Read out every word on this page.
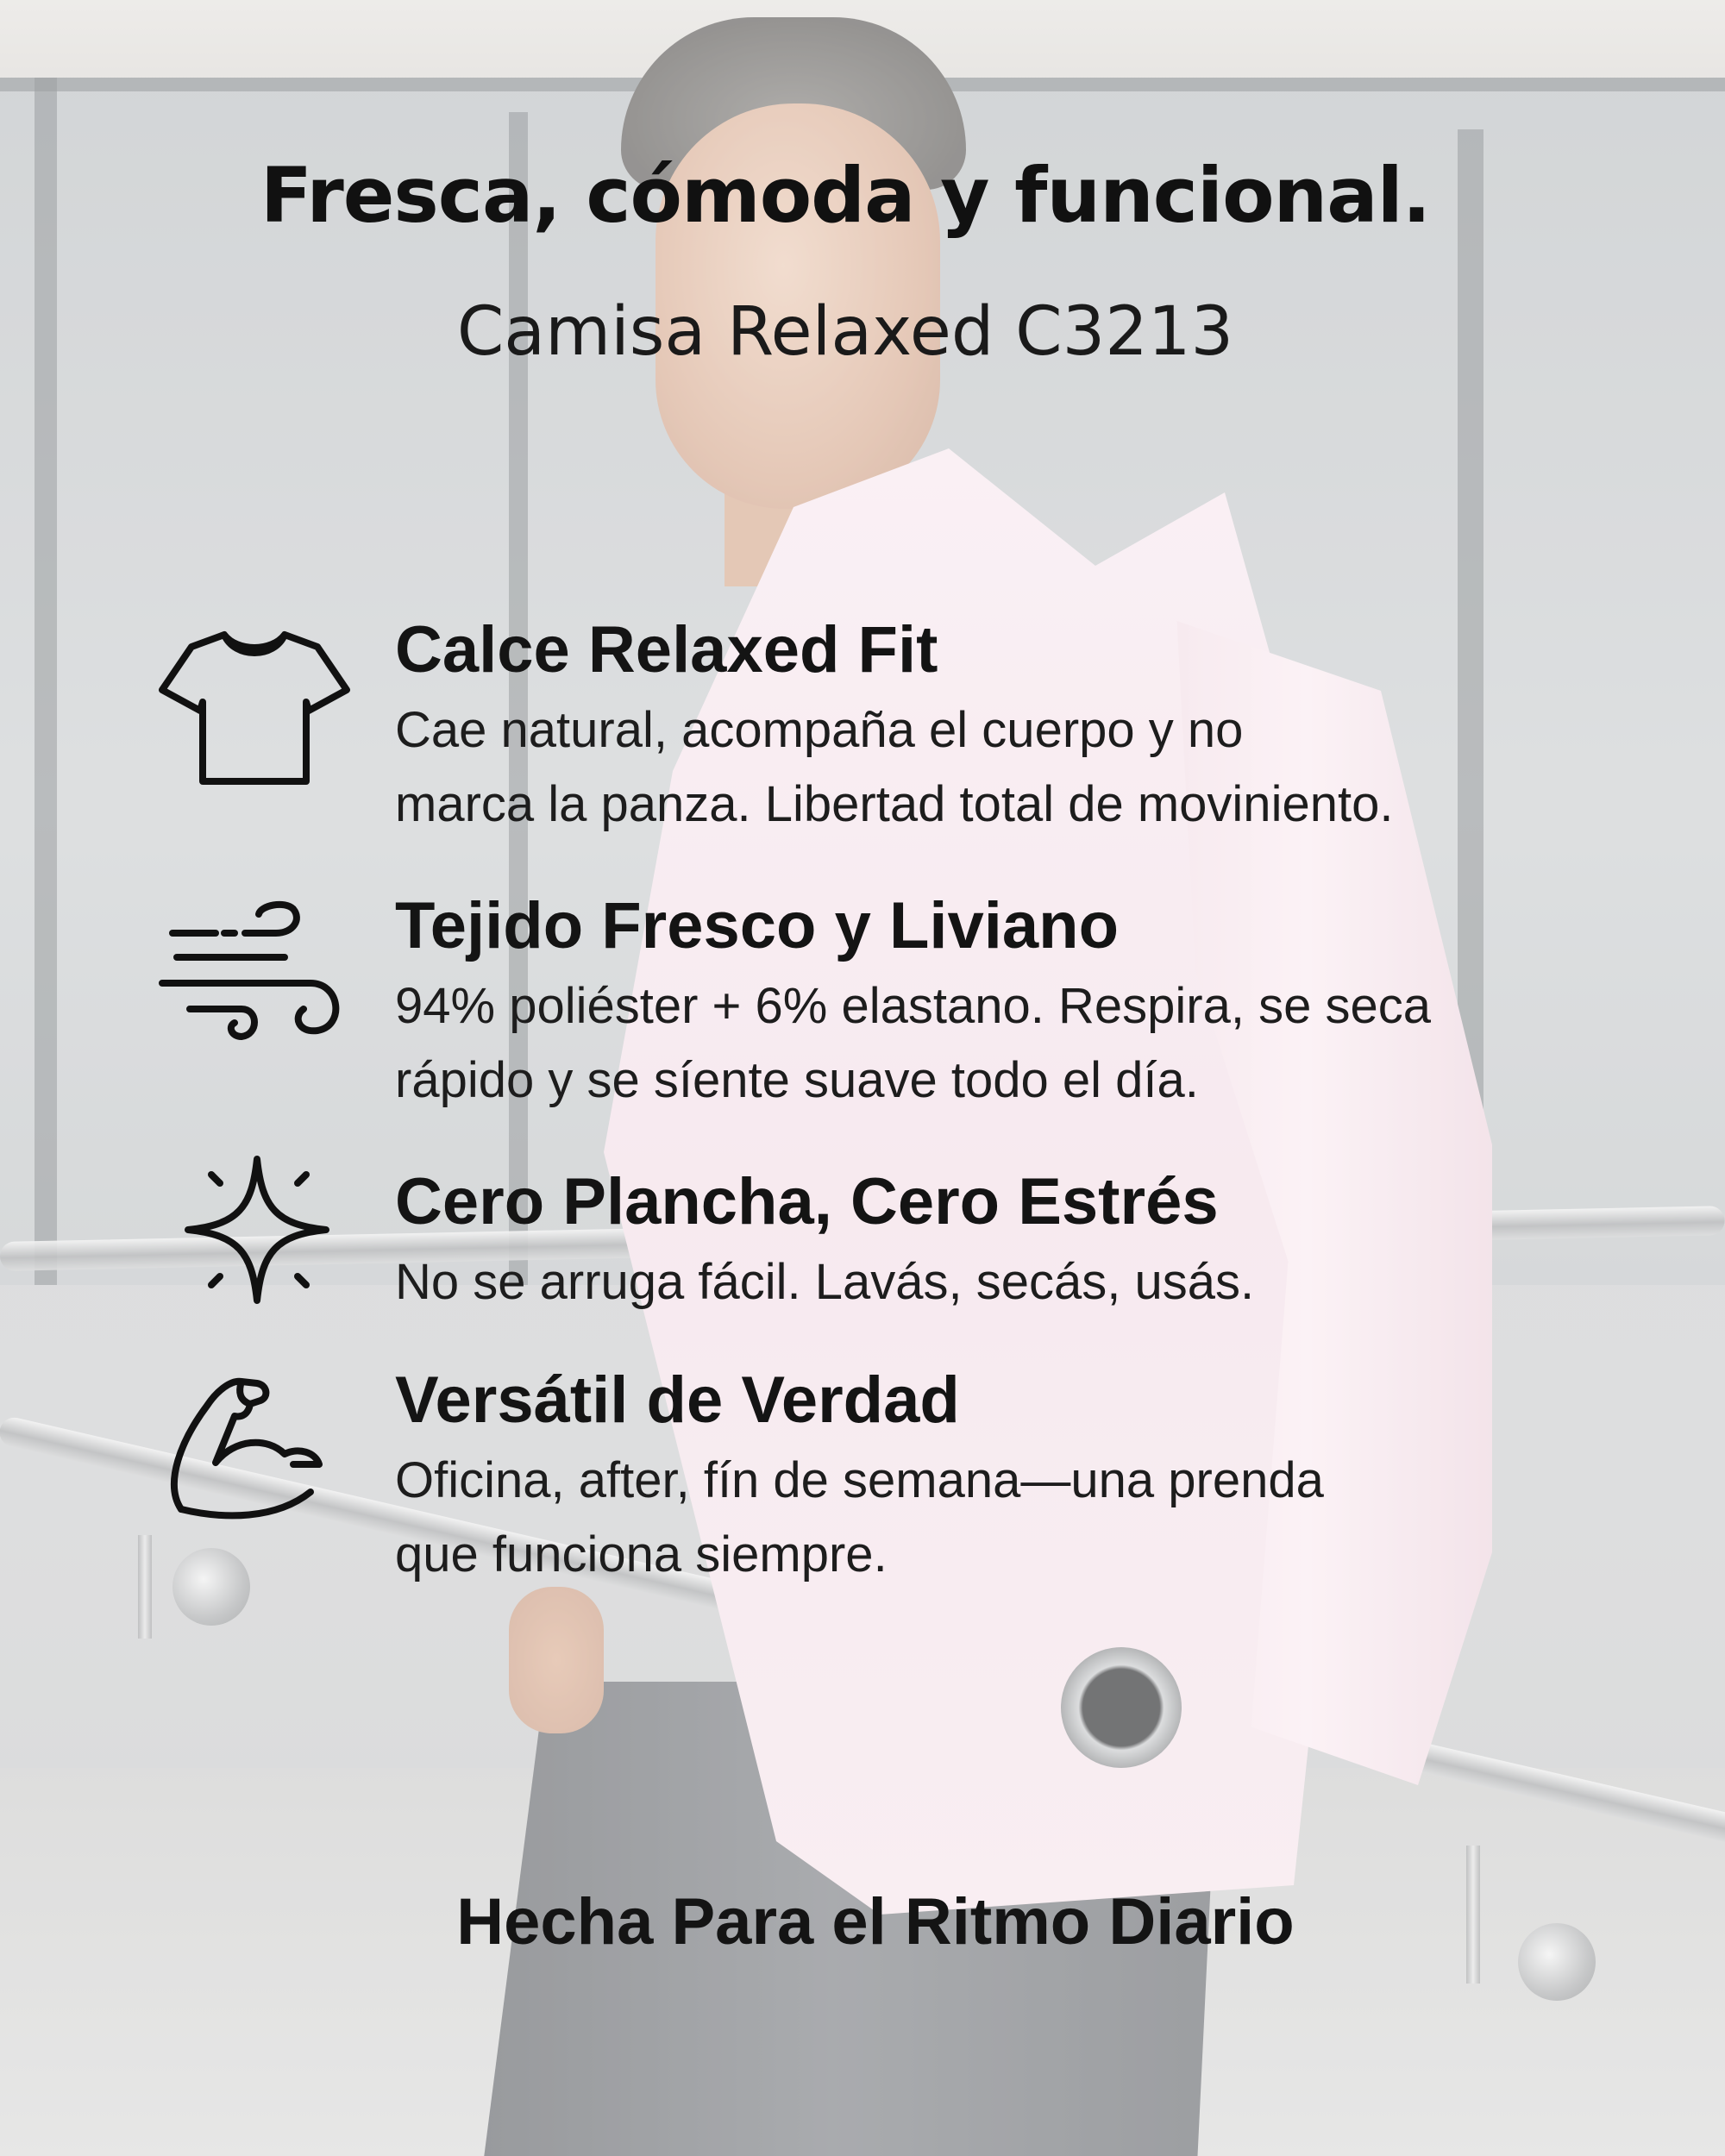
Fresca, cómoda y funcional.
Camisa Relaxed C3213
Calce Relaxed Fit
Cae natural, acompaña el cuerpo y no
marca la panza. Libertad total de moviniento.
Tejido Fresco y Liviano
94% poliéster + 6% elastano. Respira, se seca
rápido y se síente suave todo el día.
Cero Plancha, Cero Estrés
No se arruga fácil. Lavás, secás, usás.
Versátil de Verdad
Oficina, after, fín de semana—una prenda
que funciona siempre.
Hecha Para el Ritmo Diario
